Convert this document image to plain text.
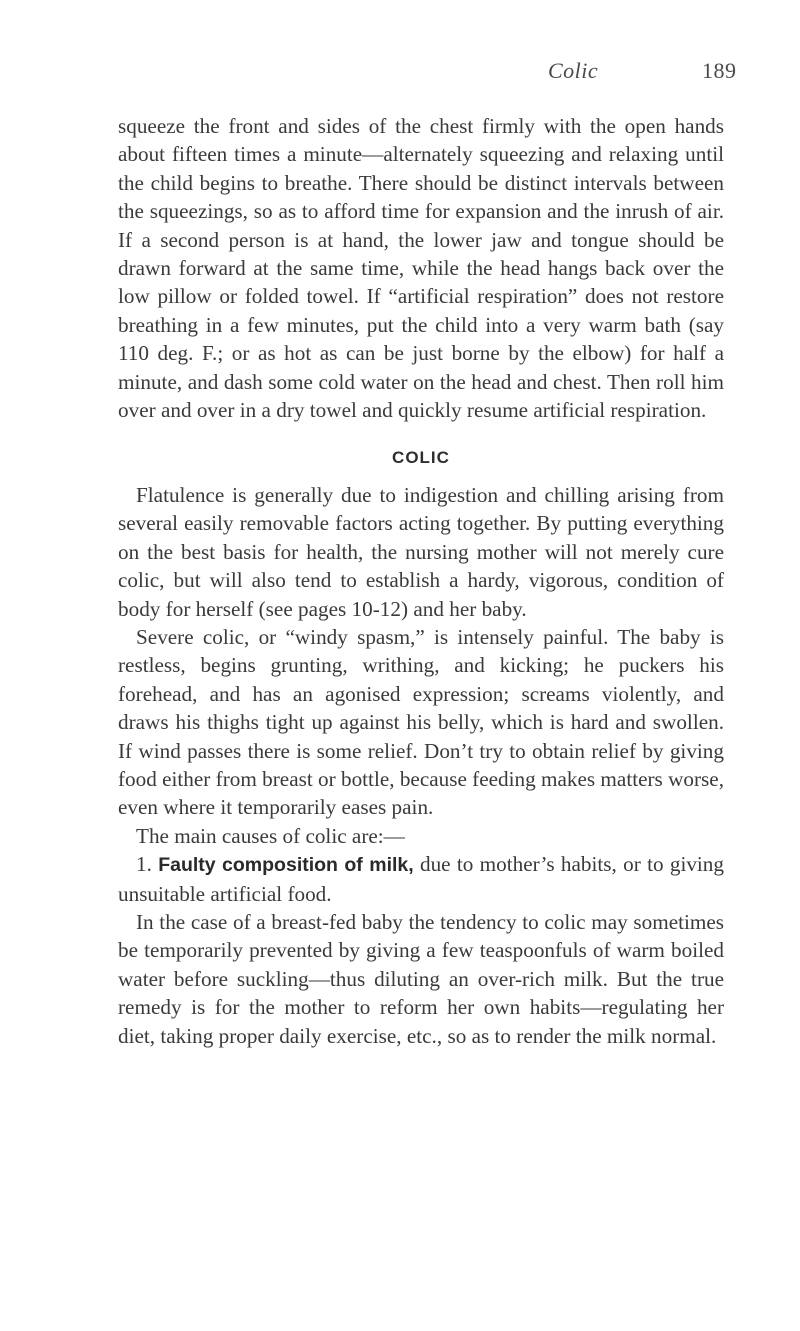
Colic	189

squeeze the front and sides of the chest firmly with the open hands about fifteen times a minute—alternately squeezing and relaxing until the child begins to breathe. There should be distinct intervals between the squeezings, so as to afford time for expansion and the inrush of air. If a second person is at hand, the lower jaw and tongue should be drawn forward at the same time, while the head hangs back over the low pillow or folded towel. If “artificial respiration” does not restore breathing in a few minutes, put the child into a very warm bath (say 110 deg. F.; or as hot as can be just borne by the elbow) for half a minute, and dash some cold water on the head and chest. Then roll him over and over in a dry towel and quickly resume artificial respiration.

COLIC

Flatulence is generally due to indigestion and chilling arising from several easily removable factors acting together. By putting everything on the best basis for health, the nursing mother will not merely cure colic, but will also tend to establish a hardy, vigorous, condition of body for herself (see pages 10-12) and her baby.

Severe colic, or “windy spasm,” is intensely painful. The baby is restless, begins grunting, writhing, and kicking; he puckers his forehead, and has an agonised expression; screams violently, and draws his thighs tight up against his belly, which is hard and swollen. If wind passes there is some relief. Don’t try to obtain relief by giving food either from breast or bottle, because feeding makes matters worse, even where it temporarily eases pain.

The main causes of colic are:—

1. Faulty composition of milk, due to mother’s habits, or to giving unsuitable artificial food.

In the case of a breast-fed baby the tendency to colic may sometimes be temporarily prevented by giving a few teaspoonfuls of warm boiled water before suckling—thus diluting an over-rich milk. But the true remedy is for the mother to reform her own habits—regulating her diet, taking proper daily exercise, etc., so as to render the milk normal.
